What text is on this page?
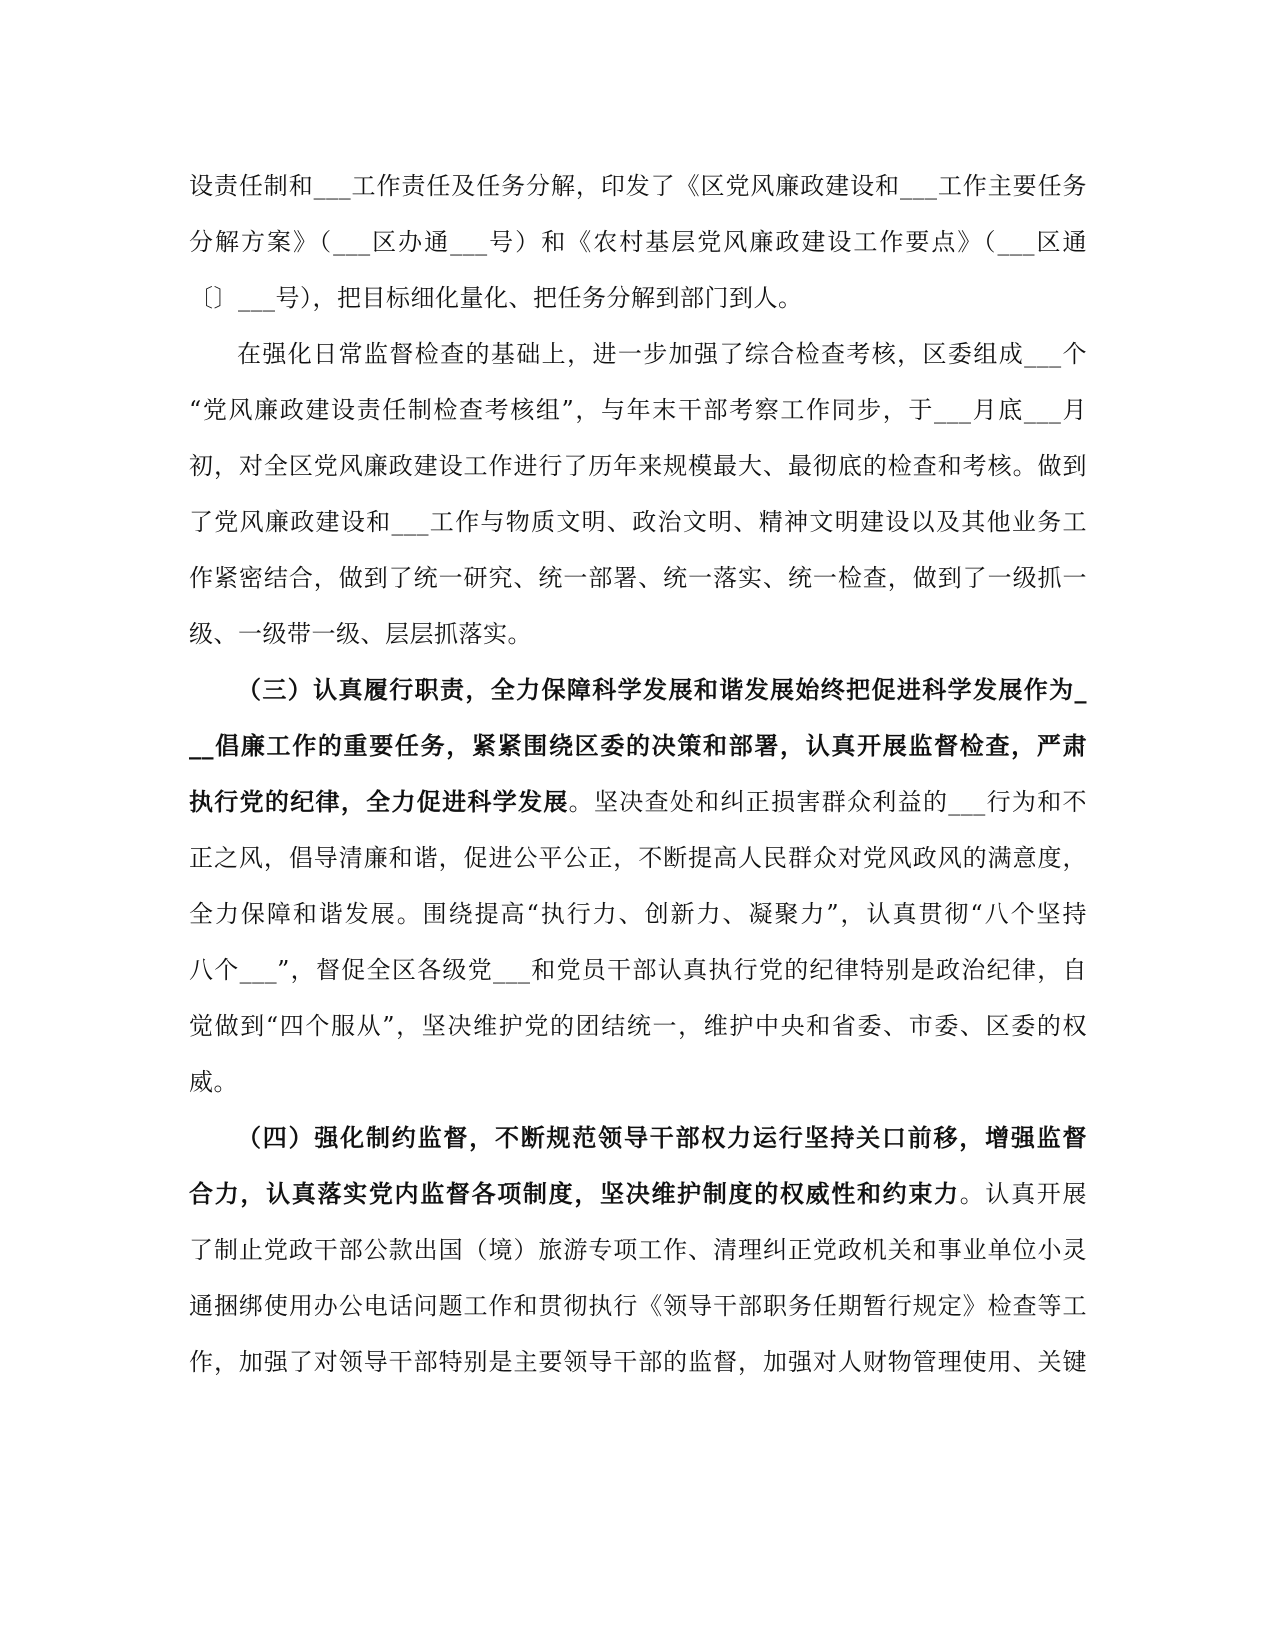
设责任制和___工作责任及任务分解，印发了《区党风廉政建设和___工作主要任务
分解方案》（___区办通___号）和《农村基层党风廉政建设工作要点》（___区通
〔〕___号），把目标细化量化、把任务分解到部门到人。
在强化日常监督检查的基础上，进一步加强了综合检查考核，区委组成___个
“党风廉政建设责任制检查考核组”，与年末干部考察工作同步，于___月底___月
初，对全区党风廉政建设工作进行了历年来规模最大、最彻底的检查和考核。做到
了党风廉政建设和___工作与物质文明、政治文明、精神文明建设以及其他业务工
作紧密结合，做到了统一研究、统一部署、统一落实、统一检查，做到了一级抓一
级、一级带一级、层层抓落实。
（三）认真履行职责，全力保障科学发展和谐发展始终把促进科学发展作为_
__倡廉工作的重要任务，紧紧围绕区委的决策和部署，认真开展监督检查，严肃
执行党的纪律，全力促进科学发展。坚决查处和纠正损害群众利益的___行为和不
正之风，倡导清廉和谐，促进公平公正，不断提高人民群众对党风政风的满意度，
全力保障和谐发展。围绕提高“执行力、创新力、凝聚力”，认真贯彻“八个坚持
八个___”，督促全区各级党___和党员干部认真执行党的纪律特别是政治纪律，自
觉做到“四个服从”，坚决维护党的团结统一，维护中央和省委、市委、区委的权
威。
（四）强化制约监督，不断规范领导干部权力运行坚持关口前移，增强监督
合力，认真落实党内监督各项制度，坚决维护制度的权威性和约束力。认真开展
了制止党政干部公款出国（境）旅游专项工作、清理纠正党政机关和事业单位小灵
通捆绑使用办公电话问题工作和贯彻执行《领导干部职务任期暂行规定》检查等工
作，加强了对领导干部特别是主要领导干部的监督，加强对人财物管理使用、关键
